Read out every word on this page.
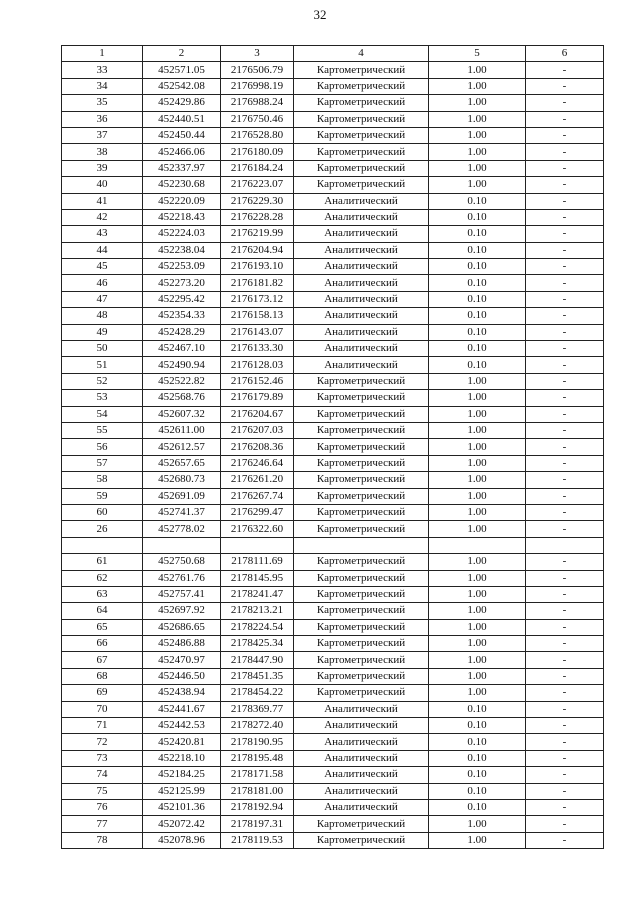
32
1	2	3	4	5	6
33	452571.05	2176506.79	Картометрический	1.00	-
34	452542.08	2176998.19	Картометрический	1.00	-
35	452429.86	2176988.24	Картометрический	1.00	-
36	452440.51	2176750.46	Картометрический	1.00	-
37	452450.44	2176528.80	Картометрический	1.00	-
38	452466.06	2176180.09	Картометрический	1.00	-
39	452337.97	2176184.24	Картометрический	1.00	-
40	452230.68	2176223.07	Картометрический	1.00	-
41	452220.09	2176229.30	Аналитический	0.10	-
42	452218.43	2176228.28	Аналитический	0.10	-
43	452224.03	2176219.99	Аналитический	0.10	-
44	452238.04	2176204.94	Аналитический	0.10	-
45	452253.09	2176193.10	Аналитический	0.10	-
46	452273.20	2176181.82	Аналитический	0.10	-
47	452295.42	2176173.12	Аналитический	0.10	-
48	452354.33	2176158.13	Аналитический	0.10	-
49	452428.29	2176143.07	Аналитический	0.10	-
50	452467.10	2176133.30	Аналитический	0.10	-
51	452490.94	2176128.03	Аналитический	0.10	-
52	452522.82	2176152.46	Картометрический	1.00	-
53	452568.76	2176179.89	Картометрический	1.00	-
54	452607.32	2176204.67	Картометрический	1.00	-
55	452611.00	2176207.03	Картометрический	1.00	-
56	452612.57	2176208.36	Картометрический	1.00	-
57	452657.65	2176246.64	Картометрический	1.00	-
58	452680.73	2176261.20	Картометрический	1.00	-
59	452691.09	2176267.74	Картометрический	1.00	-
60	452741.37	2176299.47	Картометрический	1.00	-
26	452778.02	2176322.60	Картометрический	1.00	-

61	452750.68	2178111.69	Картометрический	1.00	-
62	452761.76	2178145.95	Картометрический	1.00	-
63	452757.41	2178241.47	Картометрический	1.00	-
64	452697.92	2178213.21	Картометрический	1.00	-
65	452686.65	2178224.54	Картометрический	1.00	-
66	452486.88	2178425.34	Картометрический	1.00	-
67	452470.97	2178447.90	Картометрический	1.00	-
68	452446.50	2178451.35	Картометрический	1.00	-
69	452438.94	2178454.22	Картометрический	1.00	-
70	452441.67	2178369.77	Аналитический	0.10	-
71	452442.53	2178272.40	Аналитический	0.10	-
72	452420.81	2178190.95	Аналитический	0.10	-
73	452218.10	2178195.48	Аналитический	0.10	-
74	452184.25	2178171.58	Аналитический	0.10	-
75	452125.99	2178181.00	Аналитический	0.10	-
76	452101.36	2178192.94	Аналитический	0.10	-
77	452072.42	2178197.31	Картометрический	1.00	-
78	452078.96	2178119.53	Картометрический	1.00	-
